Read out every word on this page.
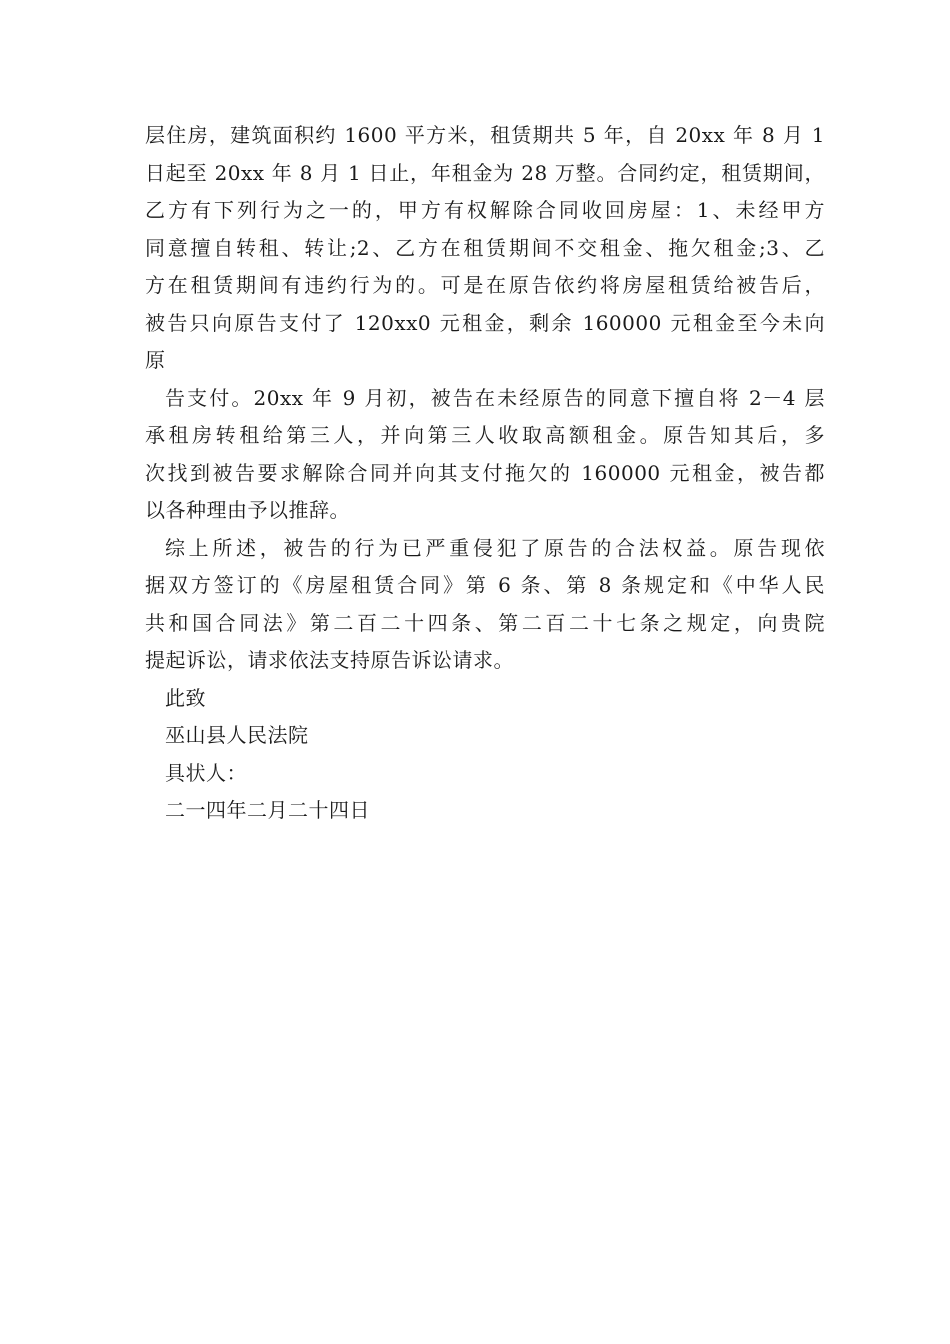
层住房，建筑面积约 1600 平方米，租赁期共 5 年，自 20xx 年 8 月 1
日起至 20xx 年 8 月 1 日止，年租金为 28 万整。合同约定，租赁期间，
乙方有下列行为之一的，甲方有权解除合同收回房屋：1、未经甲方
同意擅自转租、转让;2、乙方在租赁期间不交租金、拖欠租金;3、乙
方在租赁期间有违约行为的。可是在原告依约将房屋租赁给被告后，
被告只向原告支付了 120xx0 元租金，剩余 160000 元租金至今未向
原
告支付。20xx 年 9 月初，被告在未经原告的同意下擅自将 2－4 层
承租房转租给第三人，并向第三人收取高额租金。原告知其后，多
次找到被告要求解除合同并向其支付拖欠的 160000 元租金，被告都
以各种理由予以推辞。
综上所述，被告的行为已严重侵犯了原告的合法权益。原告现依
据双方签订的《房屋租赁合同》第 6 条、第 8 条规定和《中华人民
共和国合同法》第二百二十四条、第二百二十七条之规定，向贵院
提起诉讼，请求依法支持原告诉讼请求。
此致
巫山县人民法院
具状人：
二一四年二月二十四日
